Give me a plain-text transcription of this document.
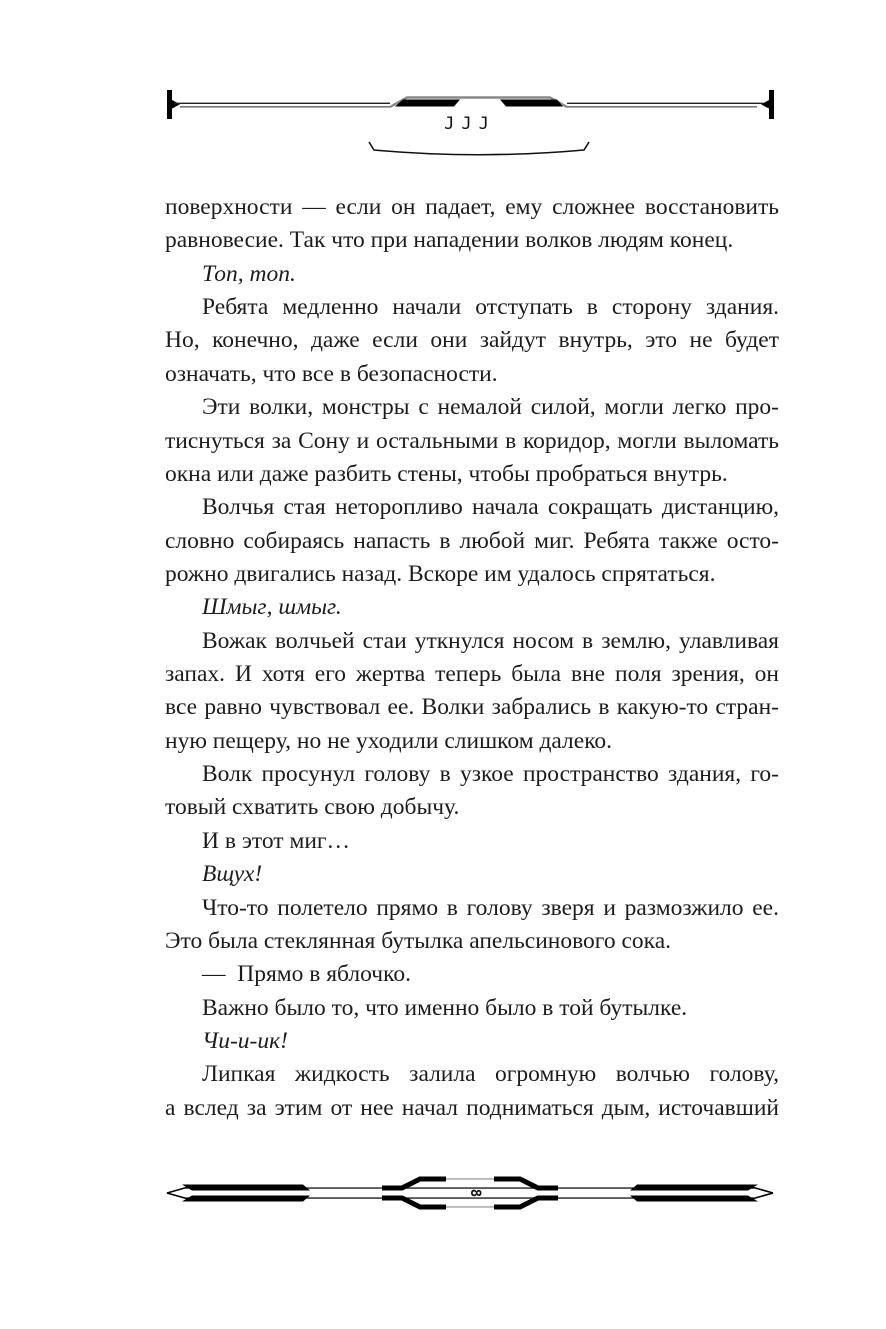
JJJ
поверхности — если он падает, ему сложнее восстановить
равновесие. Так что при нападении волков людям конец.
Топ, топ.
Ребята медленно начали отступать в сторону здания.
Но, конечно, даже если они зайдут внутрь, это не будет
означать, что все в безопасности.
Эти волки, монстры с немалой силой, могли легко про-
тиснуться за Сону и остальными в коридор, могли выломать
окна или даже разбить стены, чтобы пробраться внутрь.
Волчья стая неторопливо начала сокращать дистанцию,
словно собираясь напасть в любой миг. Ребята также осто-
рожно двигались назад. Вскоре им удалось спрятаться.
Шмыг, шмыг.
Вожак волчьей стаи уткнулся носом в землю, улавливая
запах. И хотя его жертва теперь была вне поля зрения, он
все равно чувствовал ее. Волки забрались в какую-то стран-
ную пещеру, но не уходили слишком далеко.
Волк просунул голову в узкое пространство здания, го-
товый схватить свою добычу.
И в этот миг…
Вщух!
Что-то полетело прямо в голову зверя и размозжило ее.
Это была стеклянная бутылка апельсинового сока.
— Прямо в яблочко.
Важно было то, что именно было в той бутылке.
Чи-и-ик!
Липкая жидкость залила огромную волчью голову,
а вслед за этим от нее начал подниматься дым, источавший
8
